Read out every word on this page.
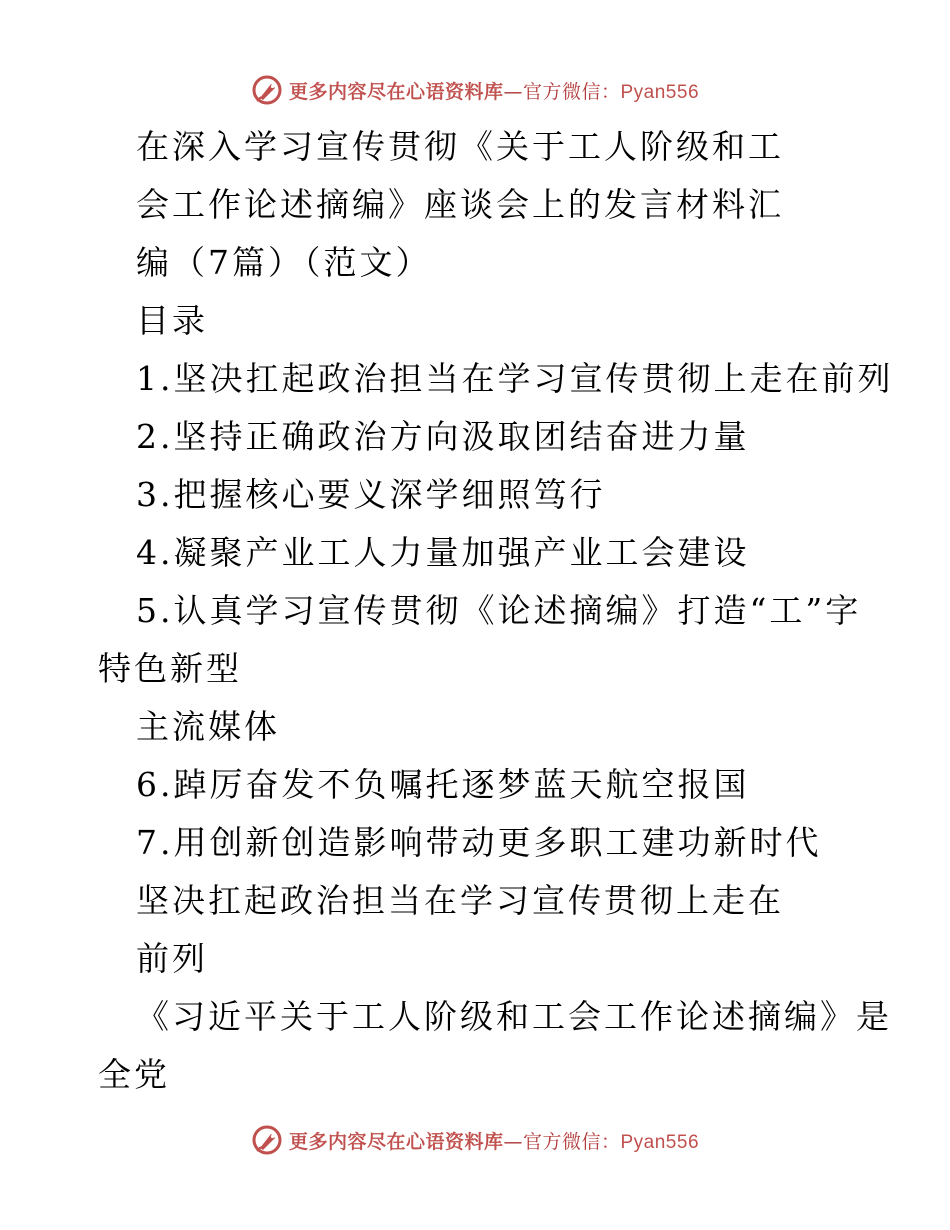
更多内容尽在心语资料库—官方微信：Pyan556
在深入学习宣传贯彻《关于工人阶级和工
会工作论述摘编》座谈会上的发言材料汇
编（7篇）（范文）
目录
1.坚决扛起政治担当在学习宣传贯彻上走在前列
2.坚持正确政治方向汲取团结奋进力量
3.把握核心要义深学细照笃行
4.凝聚产业工人力量加强产业工会建设
5.认真学习宣传贯彻《论述摘编》打造“工”字
特色新型
主流媒体
6.踔厉奋发不负嘱托逐梦蓝天航空报国
7.用创新创造影响带动更多职工建功新时代
坚决扛起政治担当在学习宣传贯彻上走在
前列
《习近平关于工人阶级和工会工作论述摘编》是
全党
更多内容尽在心语资料库—官方微信：Pyan556
